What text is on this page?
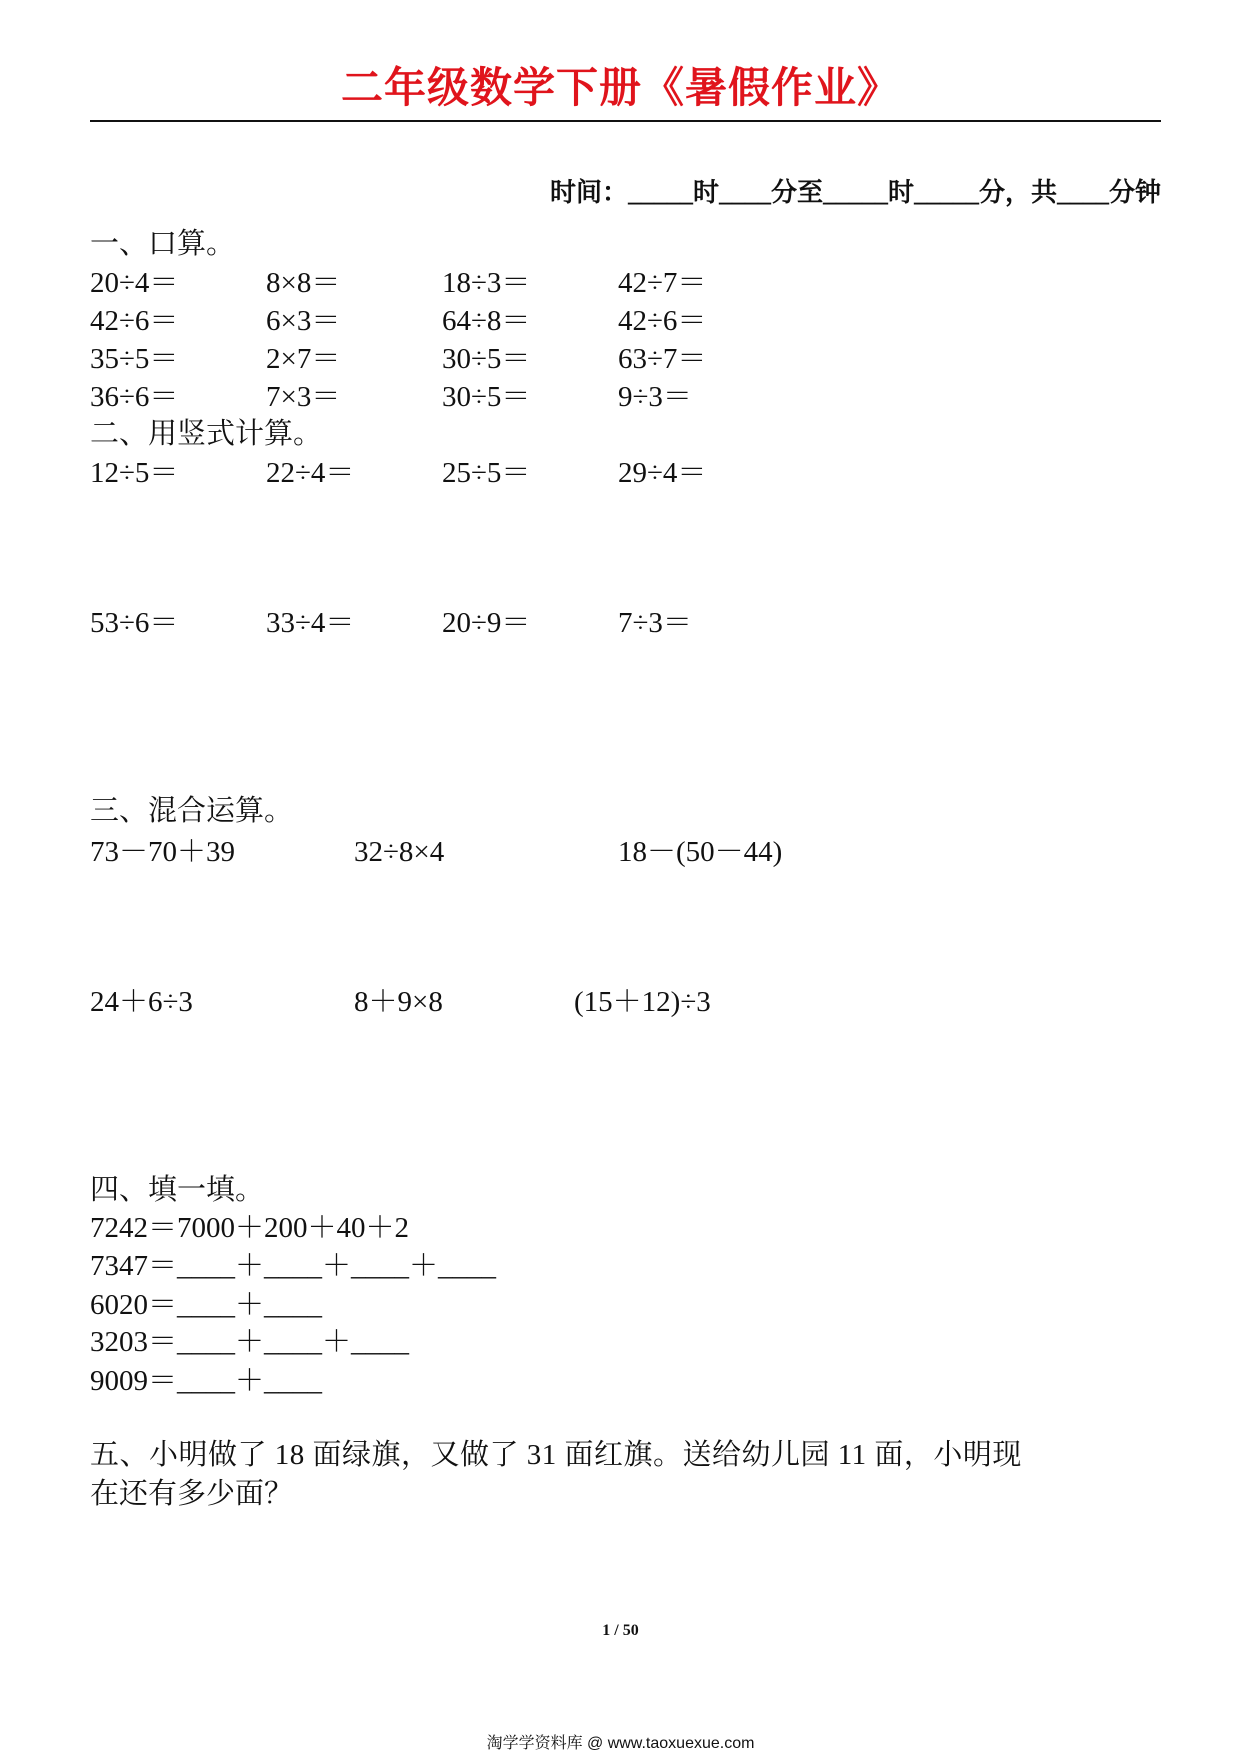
二年级数学下册《暑假作业》
时间：_____时____分至_____时_____分，共____分钟
一、口算。
二、用竖式计算。
三、混合运算。
四、填一填。
五、小明做了 18 面绿旗，又做了 31 面红旗。送给幼儿园 11 面，小明现
在还有多少面？
1 / 50
淘学学资料库 @ www.taoxuexue.com
20÷4＝	8×8＝	18÷3＝	42÷7＝
42÷6＝	6×3＝	64÷8＝	42÷6＝
35÷5＝	2×7＝	30÷5＝	63÷7＝
36÷6＝	7×3＝	30÷5＝	9÷3＝
12÷5＝	22÷4＝	25÷5＝	29÷4＝
53÷6＝	33÷4＝	20÷9＝	7÷3＝
73－70＋39	32÷8×4	18－(50－44)
24＋6÷3	8＋9×8	(15＋12)÷3
7242＝7000＋200＋40＋2
7347＝____＋____＋____＋____
6020＝____＋____
3203＝____＋____＋____
9009＝____＋____
